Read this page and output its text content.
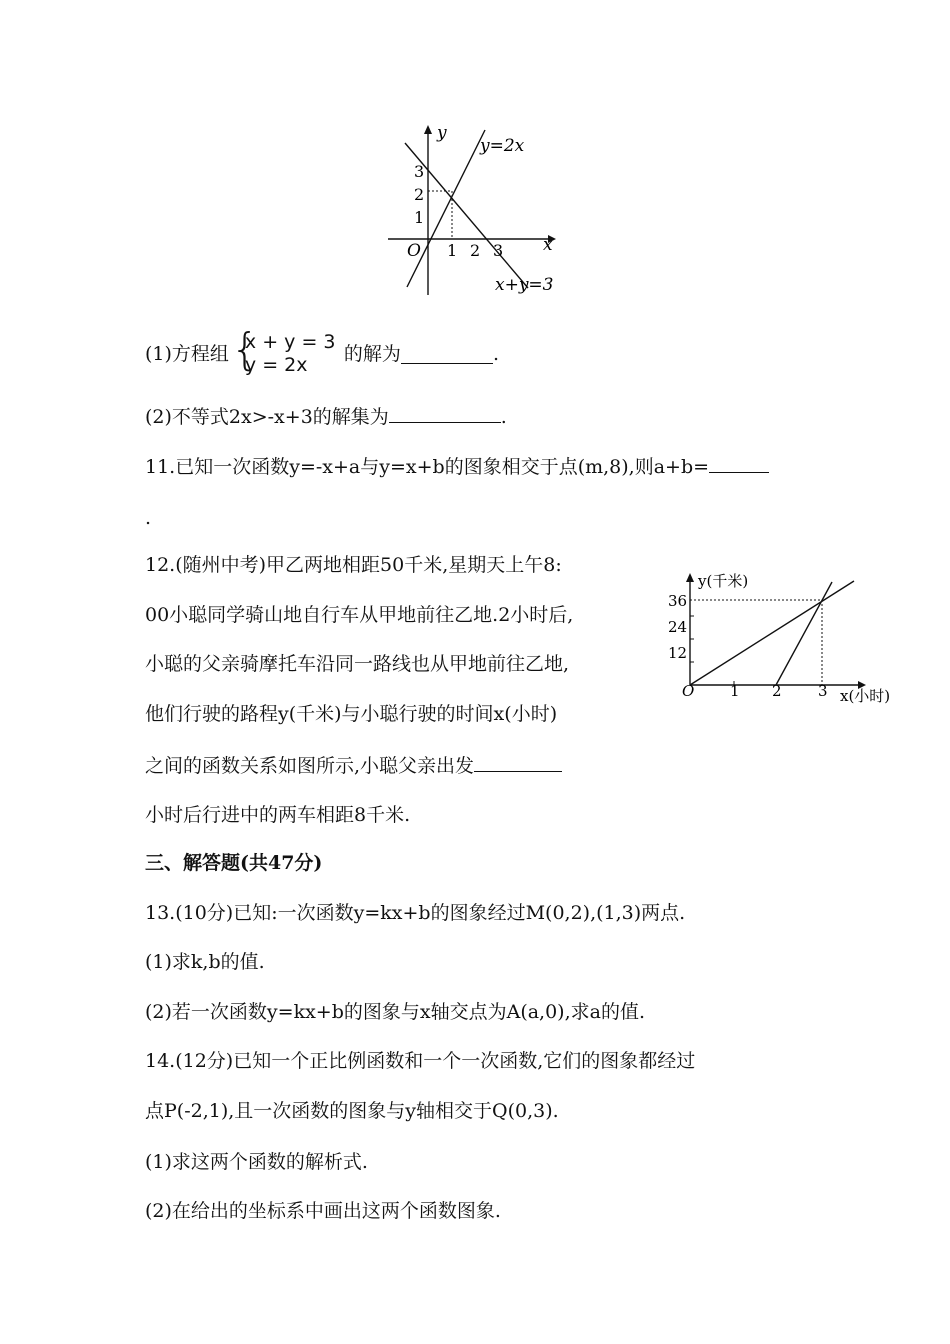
y
x
O
y=2x
x+y=3
3
2
1
1 2 3
(1)方程组 {
x + y = 3
y = 2x 的解为	.
(2)不等式2x>-x+3的解集为	.
11.已知一次函数y=-x+a与y=x+b的图象相交于点(m,8),则a+b=
.
12.(随州中考)甲乙两地相距50千米,星期天上午8:
00小聪同学骑山地自行车从甲地前往乙地.2小时后,
小聪的父亲骑摩托车沿同一路线也从甲地前往乙地,
他们行驶的路程y(千米)与小聪行驶的时间x(小时)
之间的函数关系如图所示,小聪父亲出发
小时后行进中的两车相距8千米.
y(千米)
x(小时)
O
36
24
12
1 2 3
三、解答题(共47分)
13.(10分)已知:一次函数y=kx+b的图象经过M(0,2),(1,3)两点.
(1)求k,b的值.
(2)若一次函数y=kx+b的图象与x轴交点为A(a,0),求a的值.
14.(12分)已知一个正比例函数和一个一次函数,它们的图象都经过
点P(-2,1),且一次函数的图象与y轴相交于Q(0,3).
(1)求这两个函数的解析式.
(2)在给出的坐标系中画出这两个函数图象.
